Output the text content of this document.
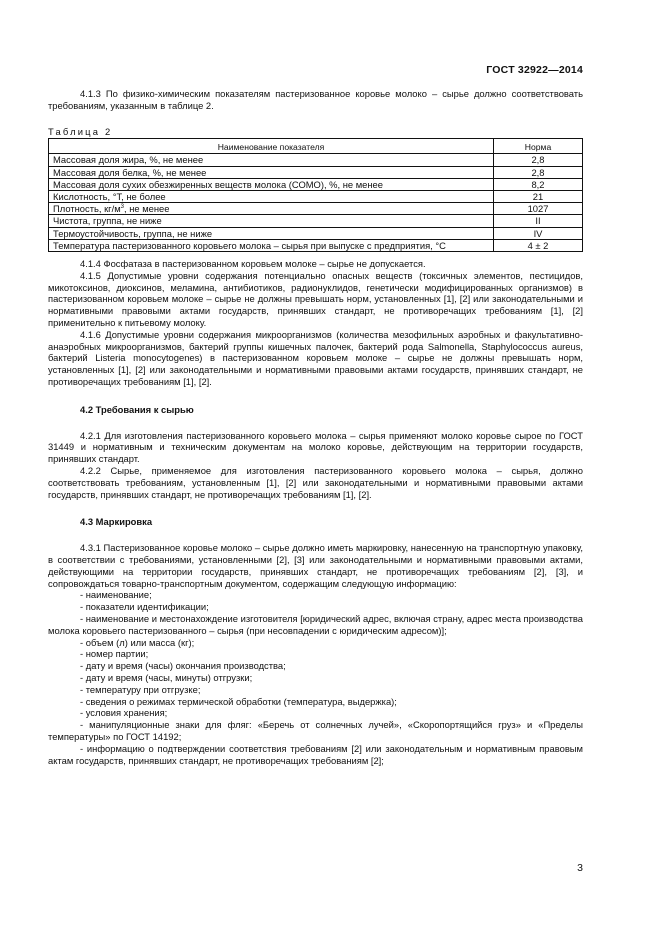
ГОСТ 32922—2014

4.1.3 По физико-химическим показателям пастеризованное коровье молоко – сырье должно соответствовать требованиям, указанным в таблице 2.

Таблица 2

Наименование показателя	Норма
Массовая доля жира, %, не менее	2,8
Массовая доля белка, %, не менее	2,8
Массовая доля сухих обезжиренных веществ молока (СОМО), %, не менее	8,2
Кислотность, °Т, не более	21
Плотность, $кг/м^3$, не менее	1027
Чистота, группа, не ниже	II
Термоустойчивость, группа, не ниже	IV
Температура пастеризованного коровьего молока – сырья при выпуске с предприятия, °С	4 ± 2

4.1.4 Фосфатаза в пастеризованном коровьем молоке – сырье не допускается.

4.1.5 Допустимые уровни содержания потенциально опасных веществ (токсичных элементов, пестицидов, микотоксинов, диоксинов, меламина, антибиотиков, радионуклидов, генетически модифицированных организмов) в пастеризованном коровьем молоке – сырье не должны превышать норм, установленных [1], [2] или законодательными и нормативными правовыми актами государств, принявших стандарт, не противоречащих требованиям [1], [2] применительно к питьевому молоку.

4.1.6 Допустимые уровни содержания микроорганизмов (количества мезофильных аэробных и факультативно-анаэробных микроорганизмов, бактерий группы кишечных палочек, бактерий рода Salmonella, Staphylococcus aureus, бактерий Listeria monocytogenes) в пастеризованном коровьем молоке – сырье не должны превышать норм, установленных [1], [2] или законодательными и нормативными правовыми актами государств, принявших стандарт, не противоречащих требованиям [1], [2].

4.2 Требования к сырью

4.2.1 Для изготовления пастеризованного коровьего молока – сырья применяют молоко коровье сырое по ГОСТ 31449 и нормативным и техническим документам на молоко коровье, действующим на территории государств, принявших стандарт.

4.2.2 Сырье, применяемое для изготовления пастеризованного коровьего молока – сырья, должно соответствовать требованиям, установленным [1], [2] или законодательными и нормативными правовыми актами государств, принявших стандарт, не противоречащих требованиям [1], [2].

4.3 Маркировка

4.3.1 Пастеризованное коровье молоко – сырье должно иметь маркировку, нанесенную на транспортную упаковку, в соответствии с требованиями, установленными [2], [3] или законодательными и нормативными правовыми актами, действующими на территории государств, принявших стандарт, не противоречащих требованиям [2], [3], и сопровождаться товарно-транспортным документом, содержащим следующую информацию:

- наименование;

- показатели идентификации;

- наименование и местонахождение изготовителя [юридический адрес, включая страну, адрес места производства молока коровьего пастеризованного – сырья (при несовпадении с юридическим адресом)];

- объем (л) или масса (кг);

- номер партии;

- дату и время (часы) окончания производства;

- дату и время (часы, минуты) отгрузки;

- температуру при отгрузке;

- сведения о режимах термической обработки (температура, выдержка);

- условия хранения;

- манипуляционные знаки для фляг: «Беречь от солнечных лучей», «Скоропортящийся груз» и «Пределы температуры» по ГОСТ 14192;

- информацию о подтверждении соответствия требованиям [2] или законодательным и нормативным правовым актам государств, принявших стандарт, не противоречащих требованиям [2];

3
